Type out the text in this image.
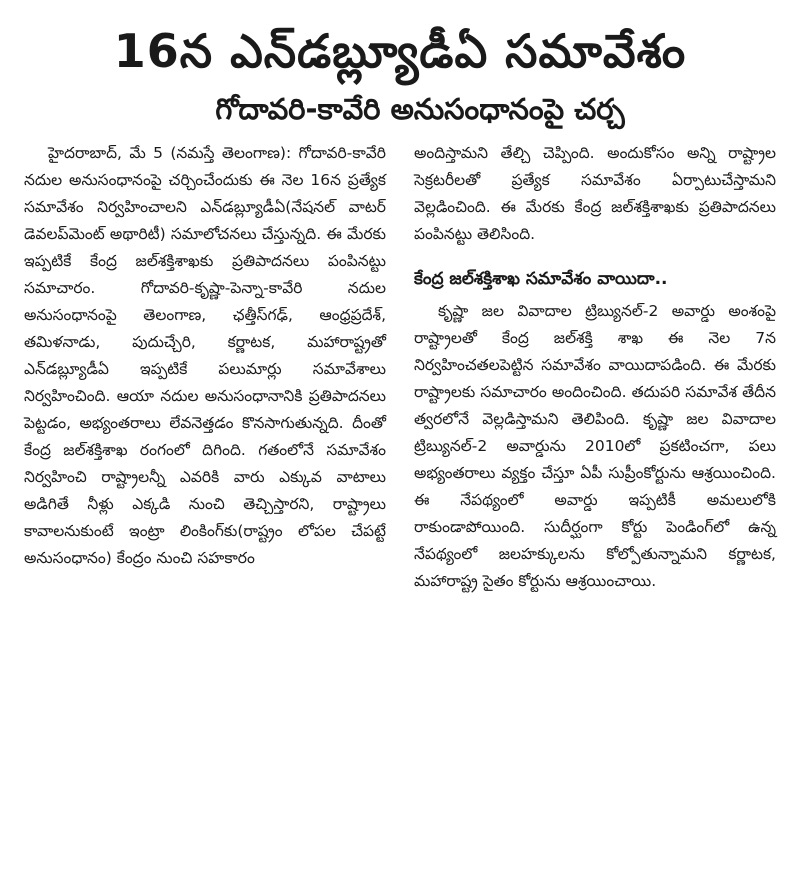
16న ఎన్‌డబ్ల్యూడీఏ సమావేశం
గోదావరి-కావేరి అనుసంధానంపై చర్చ

హైదరాబాద్, మే 5 (నమస్తే తెలంగాణ): గోదావరి-కావేరి నదుల అనుసంధానంపై చర్చించేందుకు ఈ నెల 16న ప్రత్యేక సమావేశం నిర్వహించాలని ఎన్‌డబ్ల్యూడీఏ(నేషనల్ వాటర్ డెవలప్‌మెంట్ అథారిటీ) సమాలోచనలు చేస్తున్నది. ఈ మేరకు ఇప్పటికే కేంద్ర జల్‌శక్తిశాఖకు ప్రతిపాదనలు పంపినట్టు సమాచారం. గోదావరి-కృష్ణా-పెన్నా-కావేరి నదుల అనుసంధానంపై తెలంగాణ, ఛత్తీస్‌గఢ్, ఆంధ్రప్రదేశ్, తమిళనాడు, పుదుచ్చేరి, కర్ణాటక, మహారాష్ట్రతో ఎన్‌డబ్ల్యూడీఏ ఇప్పటికే పలుమార్లు సమావేశాలు నిర్వహించింది. ఆయా నదుల అనుసంధానానికి ప్రతిపాదనలు పెట్టడం, అభ్యంతరాలు లేవనెత్తడం కొనసాగుతున్నది. దీంతో కేంద్ర జల్‌శక్తిశాఖ రంగంలో దిగింది. గతంలోనే సమావేశం నిర్వహించి రాష్ట్రాలన్నీ ఎవరికి వారు ఎక్కువ వాటాలు అడిగితే నీళ్లు ఎక్కడి నుంచి తెచ్చిస్తారని, రాష్ట్రాలు కావాలనుకుంటే ఇంట్రా లింకింగ్‌కు(రాష్ట్రం లోపల చేపట్టే అనుసంధానం) కేంద్రం నుంచి సహకారం

అందిస్తామని తేల్చి చెప్పింది. అందుకోసం అన్ని రాష్ట్రాల సెక్రటరీలతో ప్రత్యేక సమావేశం ఏర్పాటుచేస్తామని వెల్లడించింది. ఈ మేరకు కేంద్ర జల్‌శక్తిశాఖకు ప్రతిపాదనలు పంపినట్టు తెలిసింది.

కేంద్ర జల్‌శక్తిశాఖ సమావేశం వాయిదా..

కృష్ణా జల వివాదాల ట్రిబ్యునల్-2 అవార్డు అంశంపై రాష్ట్రాలతో కేంద్ర జల్‌శక్తి శాఖ ఈ నెల 7న నిర్వహించతలపెట్టిన సమావేశం వాయిదాపడింది. ఈ మేరకు రాష్ట్రాలకు సమాచారం అందించింది. తదుపరి సమావేశ తేదీన త్వరలోనే వెల్లడిస్తామని తెలిపింది. కృష్ణా జల వివాదాల ట్రిబ్యునల్-2 అవార్డును 2010లో ప్రకటించగా, పలు అభ్యంతరాలు వ్యక్తం చేస్తూ ఏపీ సుప్రీంకోర్టును ఆశ్రయించింది. ఈ నేపథ్యంలో అవార్డు ఇప్పటికీ అమలులోకి రాకుండాపోయింది. సుదీర్ఘంగా కోర్టు పెండింగ్‌లో ఉన్న నేపథ్యంలో జలహక్కులను కోల్పోతున్నామని కర్ణాటక, మహారాష్ట్ర సైతం కోర్టును ఆశ్రయించాయి.
